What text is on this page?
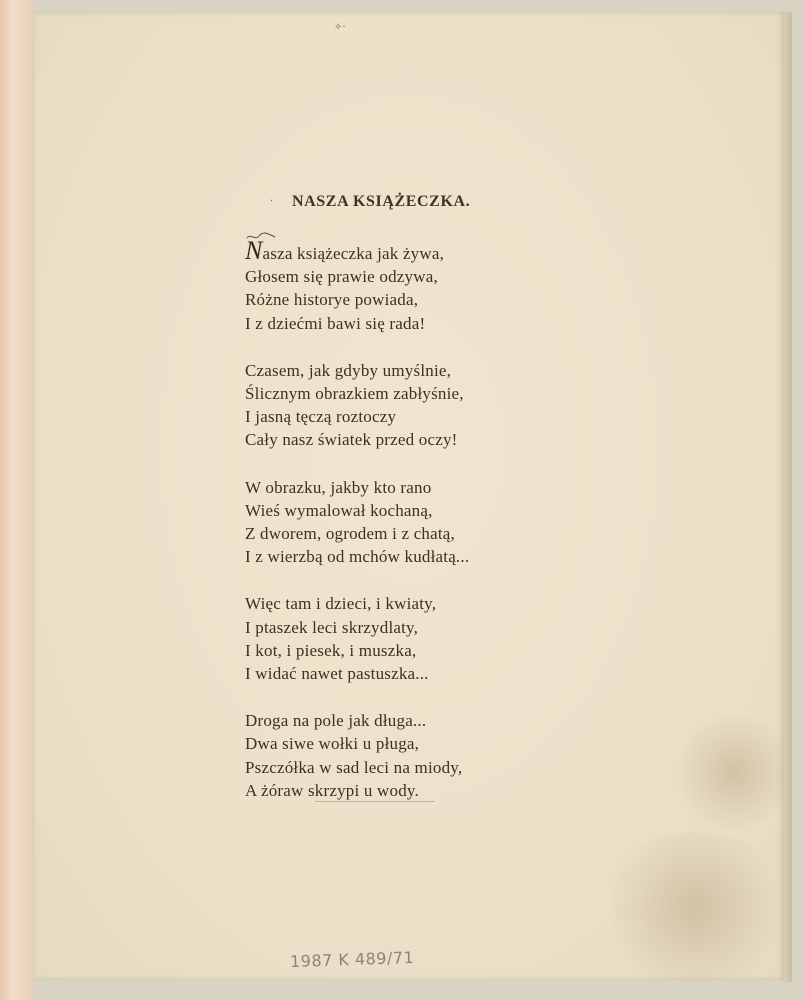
✧·
· NASZA KSIĄŻECZKA.
Nasza książeczka jak żywa,
Głosem się prawie odzywa,
Różne historye powiada,
I z dziećmi bawi się rada!
Czasem, jak gdyby umyślnie,
Ślicznym obrazkiem zabłyśnie,
I jasną tęczą roztoczy
Cały nasz światek przed oczy!
W obrazku, jakby kto rano
Wieś wymalował kochaną,
Z dworem, ogrodem i z chatą,
I z wierzbą od mchów kudłatą...
Więc tam i dzieci, i kwiaty,
I ptaszek leci skrzydlaty,
I kot, i piesek, i muszka,
I widać nawet pastuszka...
Droga na pole jak długa...
Dwa siwe wołki u pługa,
Pszczółka w sad leci na miody,
A żóraw skrzypi u wody.
1987 K 489/71
